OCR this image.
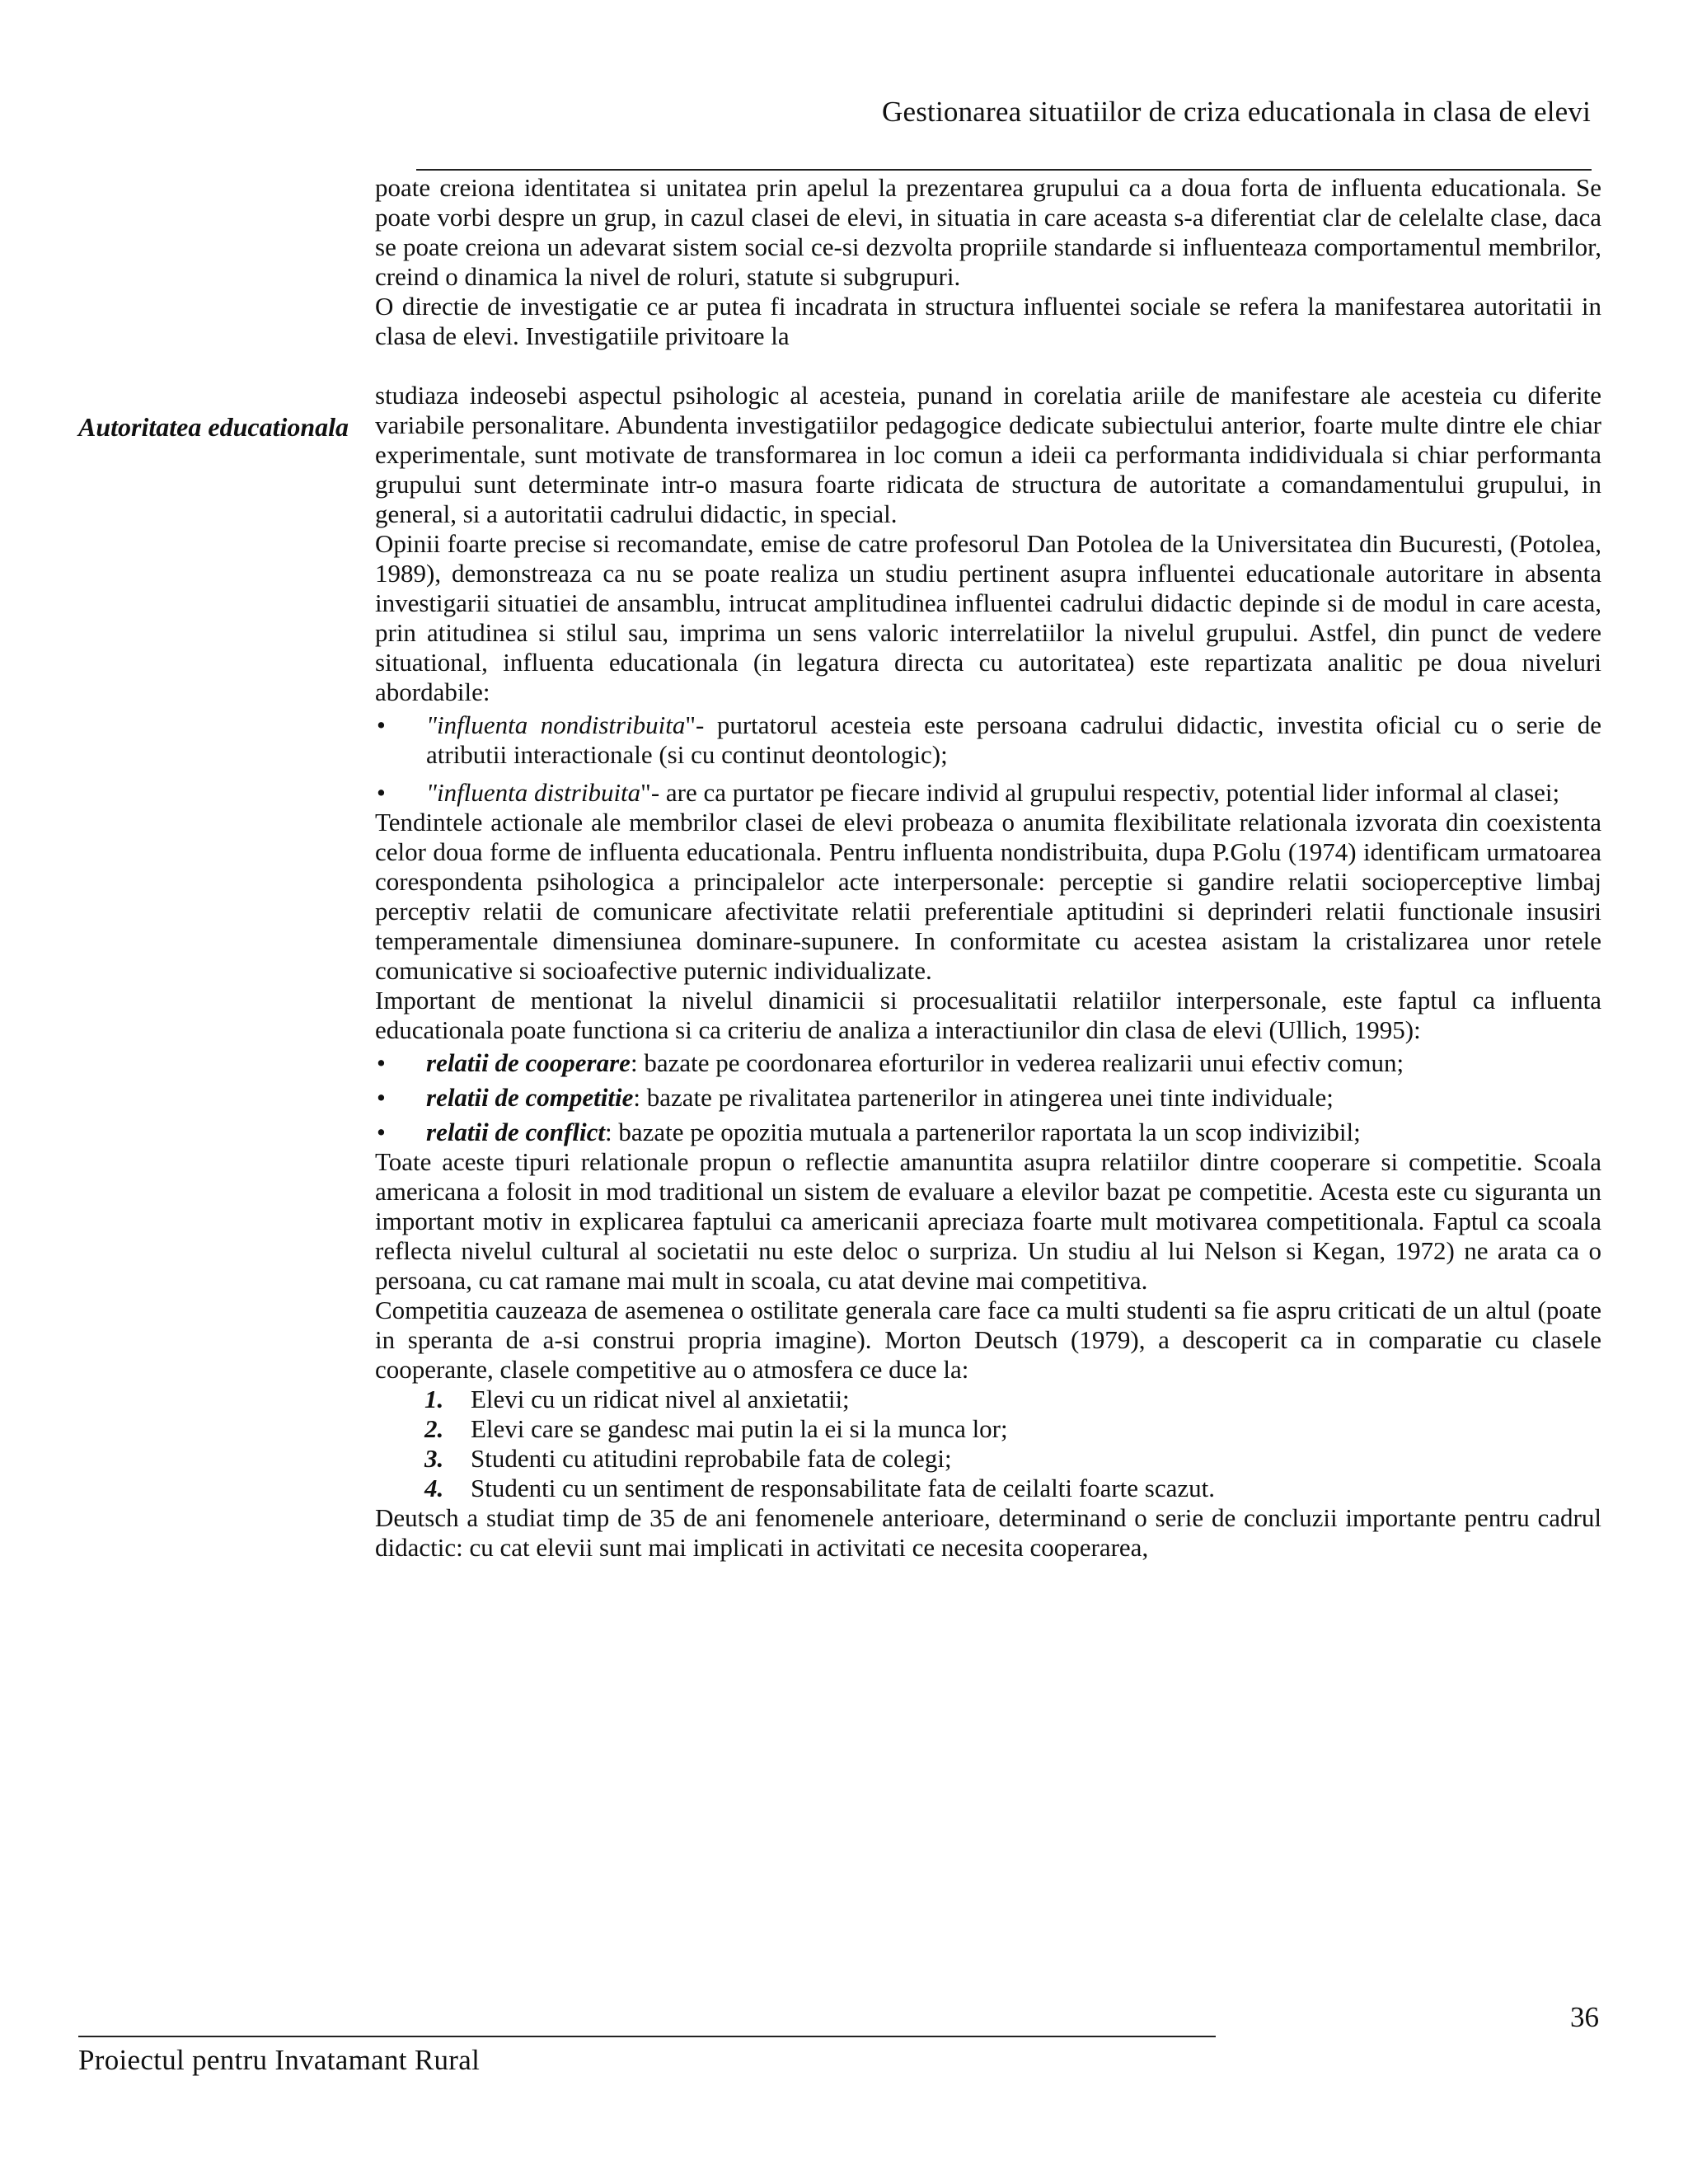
Gestionarea situatiilor de criza educationala in clasa de elevi
Autoritatea educationala

poate creiona identitatea si unitatea prin apelul la prezentarea grupului ca a doua forta de influenta educationala. Se poate vorbi despre un grup, in cazul clasei de elevi, in situatia in care aceasta s-a diferentiat clar de celelalte clase, daca se poate creiona un adevarat sistem social ce-si dezvolta propriile standarde si influenteaza comportamentul membrilor, creind o dinamica la nivel de roluri, statute si subgrupuri.

O directie de investigatie ce ar putea fi incadrata in structura influentei sociale se refera la manifestarea autoritatii in clasa de elevi. Investigatiile privitoare la

studiaza indeosebi aspectul psihologic al acesteia, punand in corelatia ariile de manifestare ale acesteia cu diferite variabile personalitare. Abundenta investigatiilor pedagogice dedicate subiectului anterior, foarte multe dintre ele chiar experimentale, sunt motivate de transformarea in loc comun a ideii ca performanta indidividuala si chiar performanta grupului sunt determinate intr-o masura foarte ridicata de structura de autoritate a comandamentului grupului, in general, si a autoritatii cadrului didactic, in special.

Opinii foarte precise si recomandate, emise de catre profesorul Dan Potolea de la Universitatea din Bucuresti, (Potolea, 1989), demonstreaza ca nu se poate realiza un studiu pertinent asupra influentei educationale autoritare in absenta investigarii situatiei de ansamblu, intrucat amplitudinea influentei cadrului didactic depinde si de modul in care acesta, prin atitudinea si stilul sau, imprima un sens valoric interrelatiilor la nivelul grupului. Astfel, din punct de vedere situational, influenta educationala (in legatura directa cu autoritatea) este repartizata analitic pe doua niveluri abordabile:

• "influenta nondistribuita"- purtatorul acesteia este persoana cadrului didactic, investita oficial cu o serie de atributii interactionale (si cu continut deontologic);
• "influenta distribuita"- are ca purtator pe fiecare individ al grupului respectiv, potential lider informal al clasei;

Tendintele actionale ale membrilor clasei de elevi probeaza o anumita flexibilitate relationala izvorata din coexistenta celor doua forme de influenta educationala. Pentru influenta nondistribuita, dupa P.Golu (1974) identificam urmatoarea corespondenta psihologica a principalelor acte interpersonale: perceptie si gandire relatii socioperceptive limbaj perceptiv relatii de comunicare afectivitate relatii preferentiale aptitudini si deprinderi relatii functionale insusiri temperamentale dimensiunea dominare-supunere. In conformitate cu acestea asistam la cristalizarea unor retele comunicative si socioafective puternic individualizate.

Important de mentionat la nivelul dinamicii si procesualitatii relatiilor interpersonale, este faptul ca influenta educationala poate functiona si ca criteriu de analiza a interactiunilor din clasa de elevi (Ullich, 1995):

• relatii de cooperare: bazate pe coordonarea eforturilor in vederea realizarii unui efectiv comun;
• relatii de competitie: bazate pe rivalitatea partenerilor in atingerea unei tinte individuale;
• relatii de conflict: bazate pe opozitia mutuala a partenerilor raportata la un scop indivizibil;

Toate aceste tipuri relationale propun o reflectie amanuntita asupra relatiilor dintre cooperare si competitie. Scoala americana a folosit in mod traditional un sistem de evaluare a elevilor bazat pe competitie. Acesta este cu siguranta un important motiv in explicarea faptului ca americanii apreciaza foarte mult motivarea competitionala. Faptul ca scoala reflecta nivelul cultural al societatii nu este deloc o surpriza. Un studiu al lui Nelson si Kegan, 1972) ne arata ca o persoana, cu cat ramane mai mult in scoala, cu atat devine mai competitiva.

Competitia cauzeaza de asemenea o ostilitate generala care face ca multi studenti sa fie aspru criticati de un altul (poate in speranta de a-si construi propria imagine). Morton Deutsch (1979), a descoperit ca in comparatie cu clasele cooperante, clasele competitive au o atmosfera ce duce la:

1. Elevi cu un ridicat nivel al anxietatii;
2. Elevi care se gandesc mai putin la ei si la munca lor;
3. Studenti cu atitudini reprobabile fata de colegi;
4. Studenti cu un sentiment de responsabilitate fata de ceilalti foarte scazut.

Deutsch a studiat timp de 35 de ani fenomenele anterioare, determinand o serie de concluzii importante pentru cadrul didactic: cu cat elevii sunt mai implicati in activitati ce necesita cooperarea,

36
Proiectul pentru Invatamant Rural
